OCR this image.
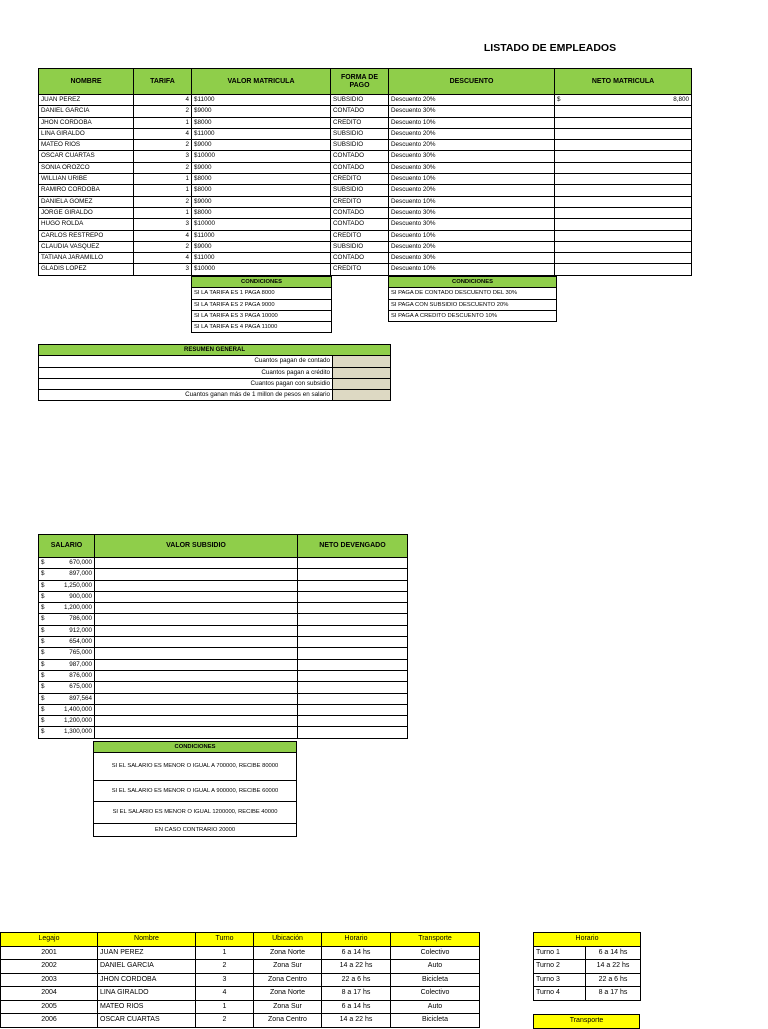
LISTADO DE EMPLEADOS
NOMBRE	TARIFA	VALOR MATRICULA	FORMA DE PAGO	DESCUENTO	NETO MATRICULA
JUAN PEREZ	4	$11000	SUBSIDIO	Descuento 20%	$ 8,800

DANIEL GARCIA	2	$9000	CONTADO	Descuento 30%	

JHON CORDOBA	1	$8000	CREDITO	Descuento 10%	

LINA GIRALDO	4	$11000	SUBSIDIO	Descuento 20%	

MATEO RIOS	2	$9000	SUBSIDIO	Descuento 20%	

OSCAR CUARTAS	3	$10000	CONTADO	Descuento 30%	

SONIA OROZCO	2	$9000	CONTADO	Descuento 30%	

WILLIAN URIBE	1	$8000	CREDITO	Descuento 10%	

RAMIRO CORDOBA	1	$8000	SUBSIDIO	Descuento 20%	

DANIELA GOMEZ	2	$9000	CREDITO	Descuento 10%	

JORGE GIRALDO	1	$8000	CONTADO	Descuento 30%	

HUGO ROLDA	3	$10000	CONTADO	Descuento 30%	

CARLOS RESTREPO	4	$11000	CREDITO	Descuento 10%	

CLAUDIA VASQUEZ	2	$9000	SUBSIDIO	Descuento 20%	

TATIANA JARAMILLO	4	$11000	CONTADO	Descuento 30%	

GLADIS LOPEZ	3	$10000	CREDITO	Descuento 10%	
CONDICIONES
SI LA TARIFA ES 1 PAGA 8000
SI LA TARIFA ES 2 PAGA 9000
SI LA TARIFA ES 3 PAGA 10000
SI LA TARIFA ES 4 PAGA 11000
CONDICIONES
SI PAGA DE CONTADO DESCUENTO DEL 30%
SI PAGA CON SUBSIDIO DESCUENTO 20%
SI PAGA A CREDITO DESCUENTO 10%
RESUMEN GENERAL	
Cuantos pagan de contado	
Cuantos pagan a crédito	
Cuantos pagan con subsidio	
Cuantos ganan más de 1 millon de pesos en salario	
SALARIO	VALOR SUBSIDIO	NETO DEVENGADO

$ 670,000		

$ 897,000		

$ 1,250,000		

$ 900,000		

$ 1,200,000		

$ 786,000		

$ 912,000		

$ 654,000		

$ 765,000		

$ 987,000		

$ 876,000		

$ 675,000		

$ 897,564		

$ 1,400,000		

$ 1,200,000		

$ 1,300,000		

CONDICIONES
SI EL SALARIO ES MENOR O IGUAL A 700000, RECIBE 80000
SI EL SALARIO ES MENOR O IGUAL A 900000, RECIBE 60000
SI EL SALARIO ES MENOR O IGUAL 1200000, RECIBE 40000
EN CASO CONTRARIO 20000
Legajo	Nombre	Turno	Ubicación	Horario	Transporte
2001	JUAN PEREZ	1	Zona Norte	6 a 14 hs	Colectivo
2002	DANIEL GARCIA	2	Zona Sur	14 a 22 hs	Auto
2003	JHON CORDOBA	3	Zona Centro	22 a 6 hs	Bicicleta
2004	LINA GIRALDO	4	Zona Norte	8 a 17 hs	Colectivo
2005	MATEO RIOS	1	Zona Sur	6 a 14 hs	Auto
2006	OSCAR CUARTAS	2	Zona Centro	14 a 22 hs	Bicicleta
Horario	
Turno 1	6 a 14 hs
Turno 2	14 a 22 hs
Turno 3	22 a 6 hs
Turno 4	8 a 17 hs
Transporte
